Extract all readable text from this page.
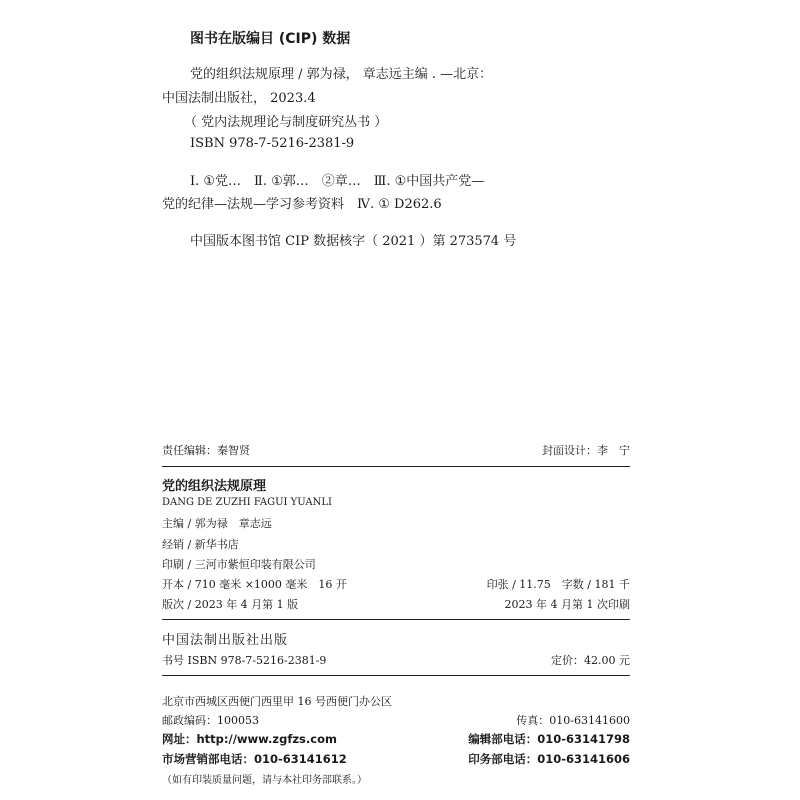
图书在版编目 (CIP) 数据
党的组织法规原理 / 郭为禄， 章志远主编 . —北京：
中国法制出版社， 2023.4
（ 党内法规理论与制度研究丛书 ）
ISBN 978-7-5216-2381-9
Ⅰ. ①党…　Ⅱ. ①郭…　②章…　Ⅲ. ①中国共产党—
党的纪律—法规—学习参考资料　Ⅳ. ① D262.6
中国版本图书馆 CIP 数据核字（ 2021 ）第 273574 号
责任编辑：秦智贤	封面设计：李　宁
党的组织法规原理
DANG DE ZUZHI FAGUI YUANLI
主编 / 郭为禄　章志远
经销 / 新华书店
印刷 / 三河市紫恒印装有限公司
开本 / 710 毫米 ×1000 毫米　16 开	印张 / 11.75　字数 / 181 千
版次 / 2023 年 4 月第 1 版	2023 年 4 月第 1 次印刷
中国法制出版社出版
书号 ISBN 978-7-5216-2381-9	定价：42.00 元
北京市西城区西便门西里甲 16 号西便门办公区
邮政编码：100053	传真：010-63141600
网址：http://www.zgfzs.com	编辑部电话：010-63141798
市场营销部电话：010-63141612	印务部电话：010-63141606
（如有印装质量问题，请与本社印务部联系。）
